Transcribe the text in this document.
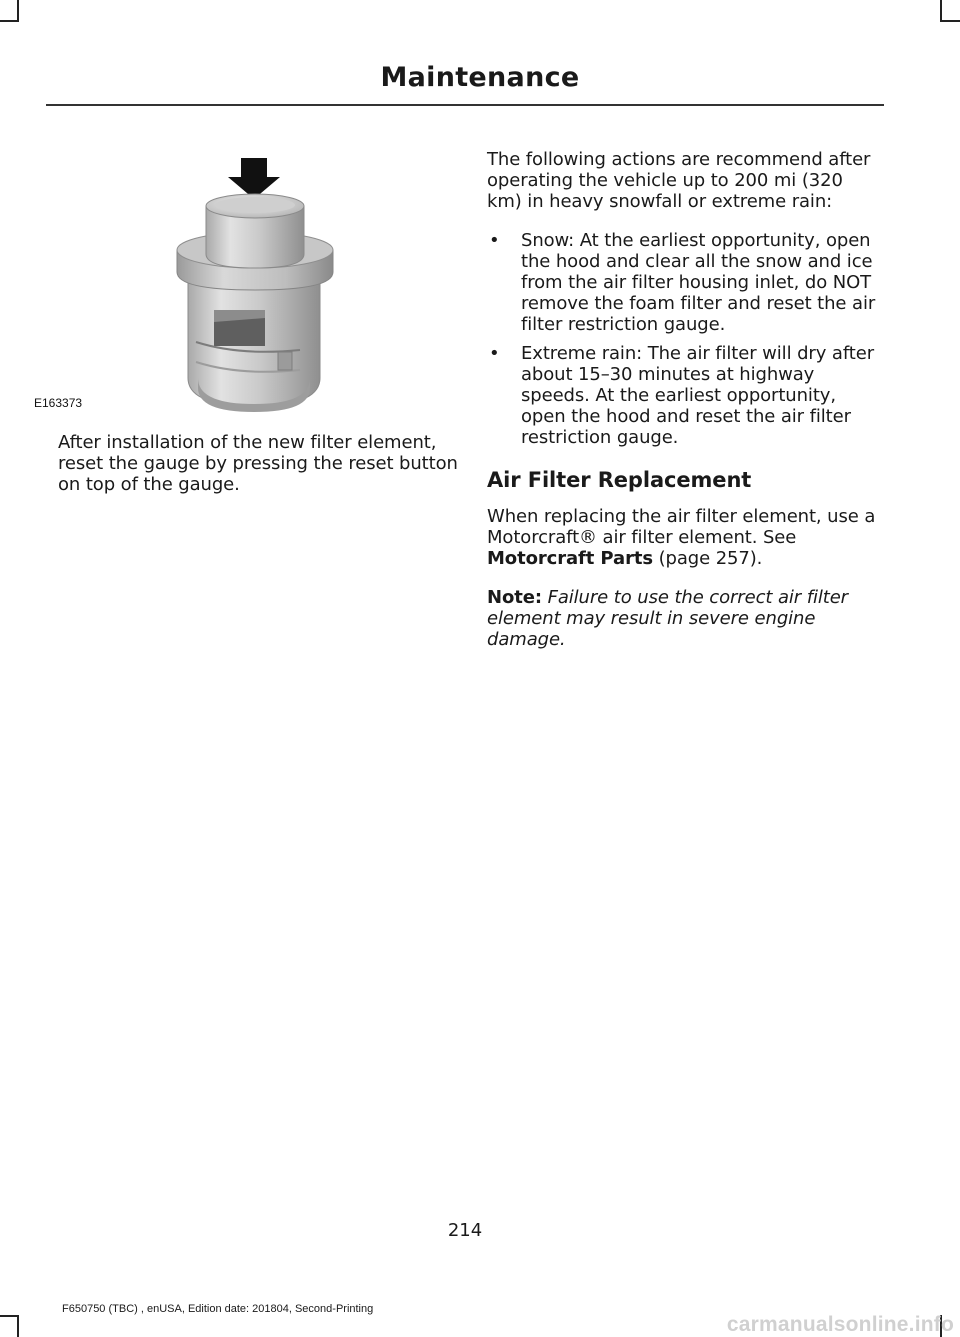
Maintenance
E163373
After installation of the new filter element, reset the gauge by pressing the reset button on top of the gauge.

The following actions are recommend after operating the vehicle up to 200 mi (320 km) in heavy snowfall or extreme rain:

• Snow: At the earliest opportunity, open the hood and clear all the snow and ice from the air filter housing inlet, do NOT remove the foam filter and reset the air filter restriction gauge.
• Extreme rain: The air filter will dry after about 15–30 minutes at highway speeds. At the earliest opportunity, open the hood and reset the air filter restriction gauge.
Air Filter Replacement

When replacing the air filter element, use a Motorcraft® air filter element. See Motorcraft Parts (page 257).

Note: Failure to use the correct air filter element may result in severe engine damage.

214
F650750 (TBC) , enUSA, Edition date: 201804, Second-Printing
carmanualsonline.info
